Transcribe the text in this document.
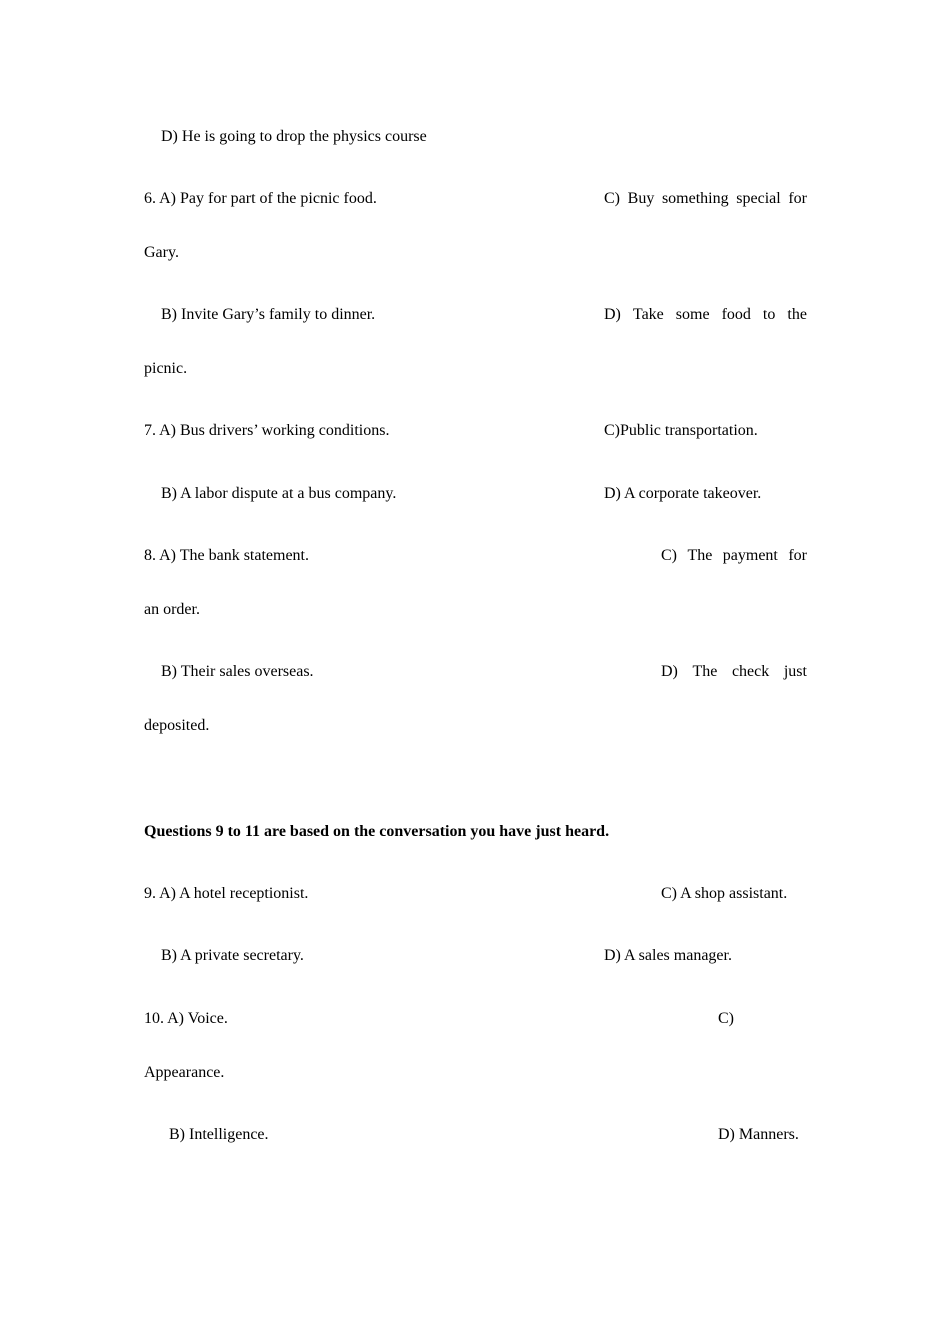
D) He is going to drop the physics course
6. A) Pay for part of the picnic food.	C) Buy something special for
Gary.
B) Invite Gary’s family to dinner.	D) Take some food to the
picnic.
7. A) Bus drivers’ working conditions.	C)Public transportation.
B) A labor dispute at a bus company.	D) A corporate takeover.
8. A) The bank statement.	C) The payment for
an order.
B) Their sales overseas.	D) The check just
deposited.
Questions 9 to 11 are based on the conversation you have just heard.
9. A) A hotel receptionist.	C) A shop assistant.
B) A private secretary.	D) A sales manager.
10. A) Voice.	C)
Appearance.
B) Intelligence.	D) Manners.
